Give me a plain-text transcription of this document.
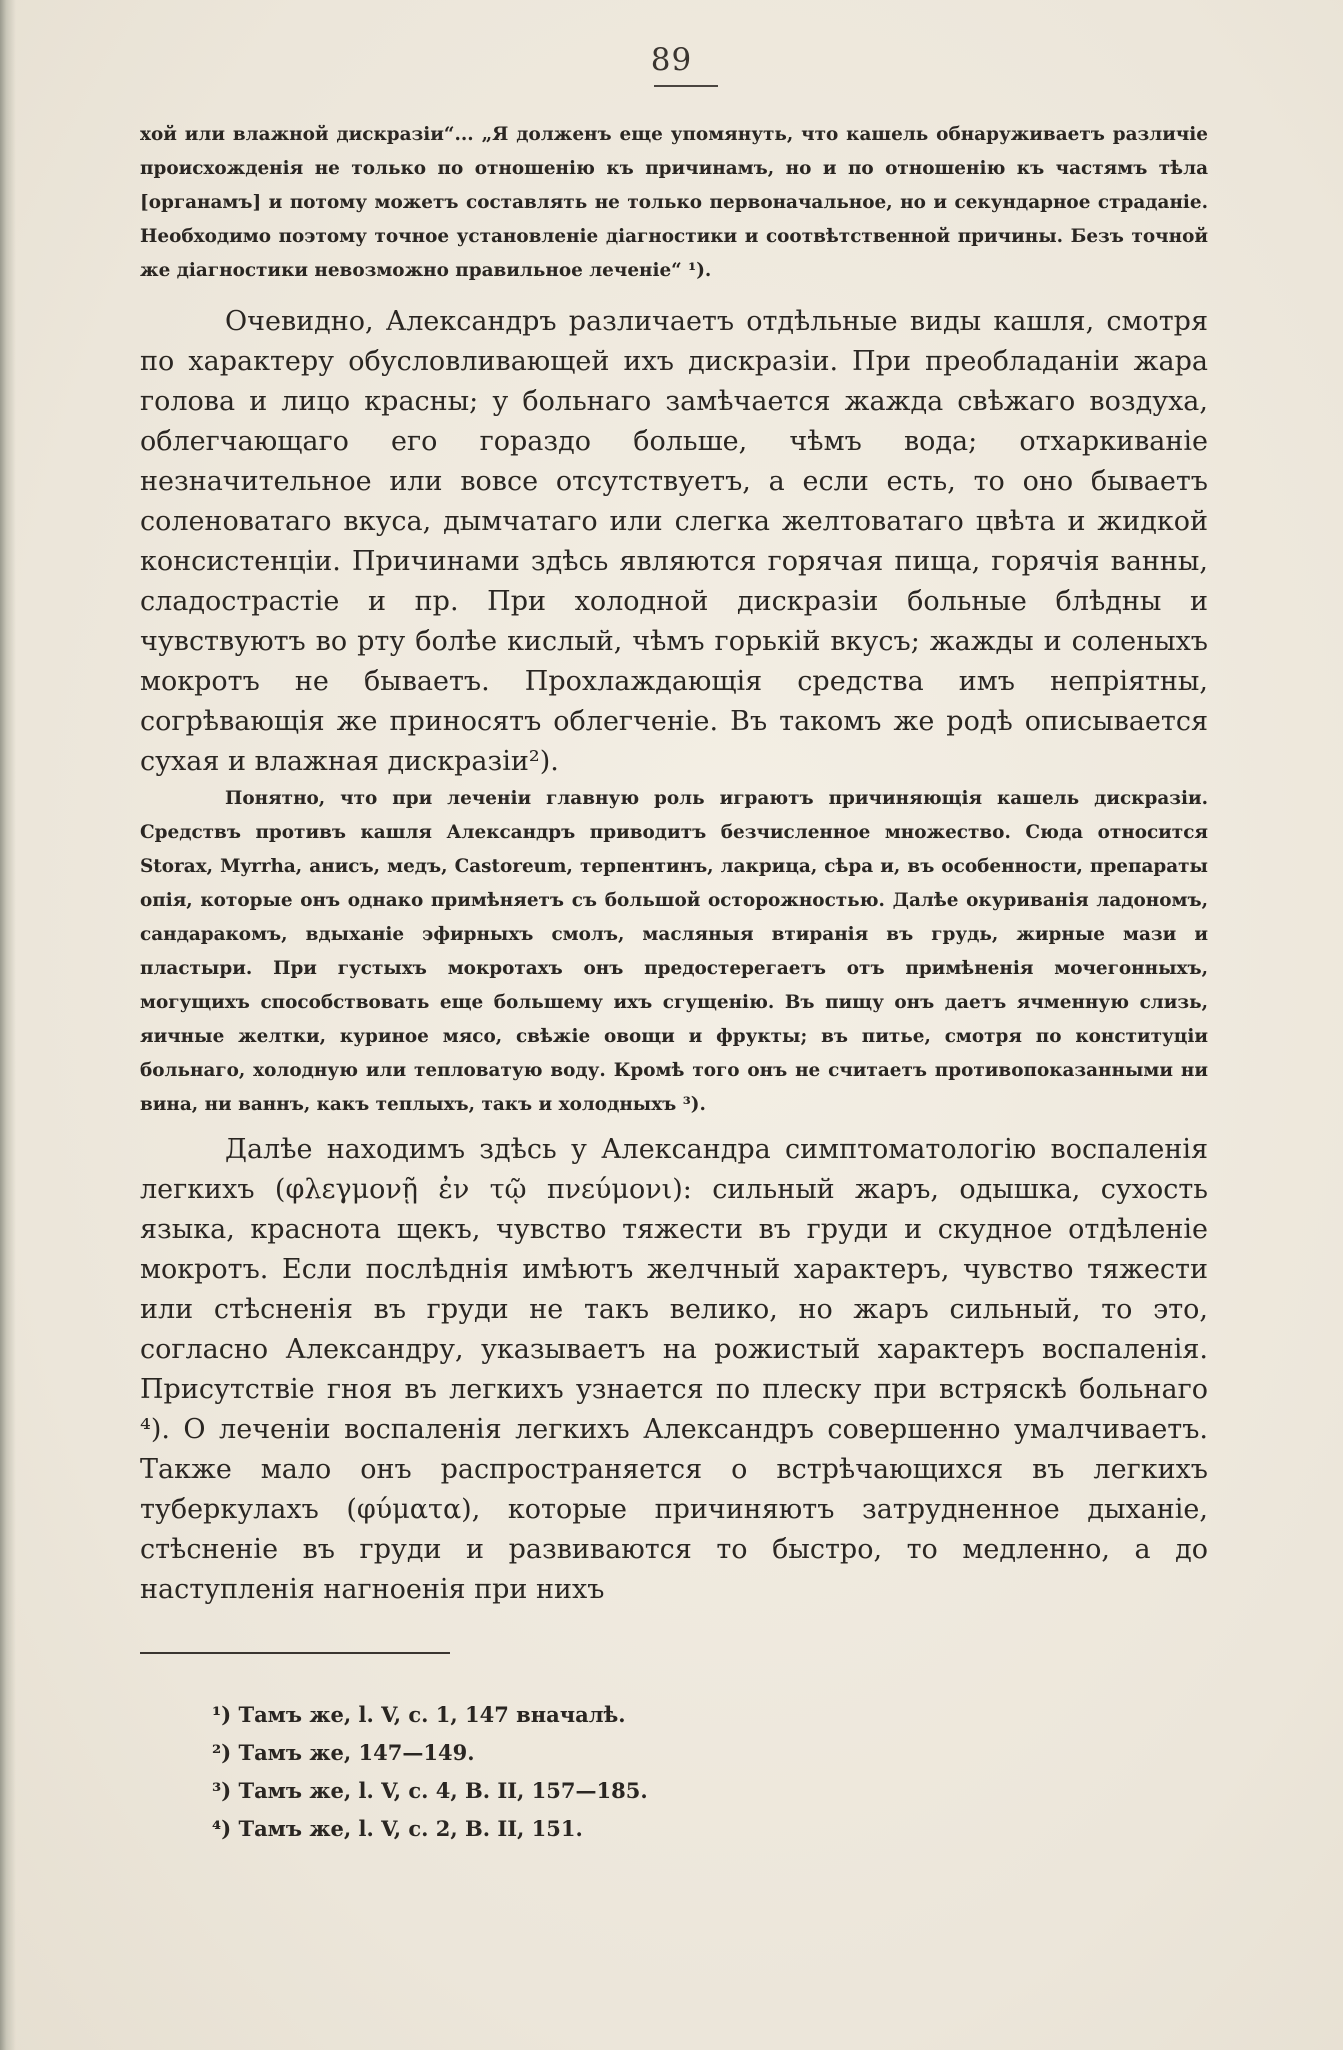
89

хой или влажной дискразіи“... „Я долженъ еще упомянуть, что кашель обнаруживаетъ различіе происхожденія не только по отношенію къ причинамъ, но и по отношенію къ частямъ тѣла [органамъ] и потому можетъ составлять не только первоначальное, но и секундарное страданіе. Необходимо поэтому точное установленіе діагностики и соотвѣтственной причины. Безъ точной же діагностики невозможно правильное леченіе“ ¹).

Очевидно, Александръ различаетъ отдѣльные виды кашля, смотря по характеру обусловливающей ихъ дискразіи. При преобладаніи жара голова и лицо красны; у больнаго замѣчается жажда свѣжаго воздуха, облегчающаго его гораздо больше, чѣмъ вода; отхаркиваніе незначительное или вовсе отсутствуетъ, а если есть, то оно бываетъ соленоватаго вкуса, дымчатаго или слегка желтоватаго цвѣта и жидкой консистенціи. Причинами здѣсь являются горячая пища, горячія ванны, сладострастіе и пр. При холодной дискразіи больные блѣдны и чувствуютъ во рту болѣе кислый, чѣмъ горькій вкусъ; жажды и соленыхъ мокротъ не бываетъ. Прохлаждающія средства имъ непріятны, согрѣвающія же приносятъ облегченіе. Въ такомъ же родѣ описывается сухая и влажная дискразіи²).

Понятно, что при леченіи главную роль играютъ причиняющія кашель дискразіи. Средствъ противъ кашля Александръ приводитъ безчисленное множество. Сюда относится Storax, Myrrha, анисъ, медъ, Castoreum, терпентинъ, лакрица, сѣра и, въ особенности, препараты опія, которые онъ однако примѣняетъ съ большой осторожностью. Далѣе окуриванія ладономъ, сандаракомъ, вдыханіе эфирныхъ смолъ, масляныя втиранія въ грудь, жирные мази и пластыри. При густыхъ мокротахъ онъ предостерегаетъ отъ примѣненія мочегонныхъ, могущихъ способствовать еще большему ихъ сгущенію. Въ пищу онъ даетъ ячменную слизь, яичные желтки, куриное мясо, свѣжіе овощи и фрукты; въ питье, смотря по конституціи больнаго, холодную или тепловатую воду. Кромѣ того онъ не считаетъ противопоказанными ни вина, ни ваннъ, какъ теплыхъ, такъ и холодныхъ ³).

Далѣе находимъ здѣсь у Александра симптоматологію воспаленія легкихъ (φλεγμονῇ ἐν τῷ πνεύμονι): сильный жаръ, одышка, сухость языка, краснота щекъ, чувство тяжести въ груди и скудное отдѣленіе мокротъ. Если послѣднія имѣютъ желчный характеръ, чувство тяжести или стѣсненія въ груди не такъ велико, но жаръ сильный, то это, согласно Александру, указываетъ на рожистый характеръ воспаленія. Присутствіе гноя въ легкихъ узнается по плеску при встряскѣ больнаго ⁴). О леченіи воспаленія легкихъ Александръ совершенно умалчиваетъ. Также мало онъ распространяется о встрѣчающихся въ легкихъ туберкулахъ (φύματα), которые причиняютъ затрудненное дыханіе, стѣсненіе въ груди и развиваются то быстро, то медленно, а до наступленія нагноенія при нихъ

¹) Тамъ же, l. V, c. 1, 147 вначалѣ.
²) Тамъ же, 147—149.
³) Тамъ же, l. V, c. 4, B. II, 157—185.
⁴) Тамъ же, l. V, c. 2, B. II, 151.
